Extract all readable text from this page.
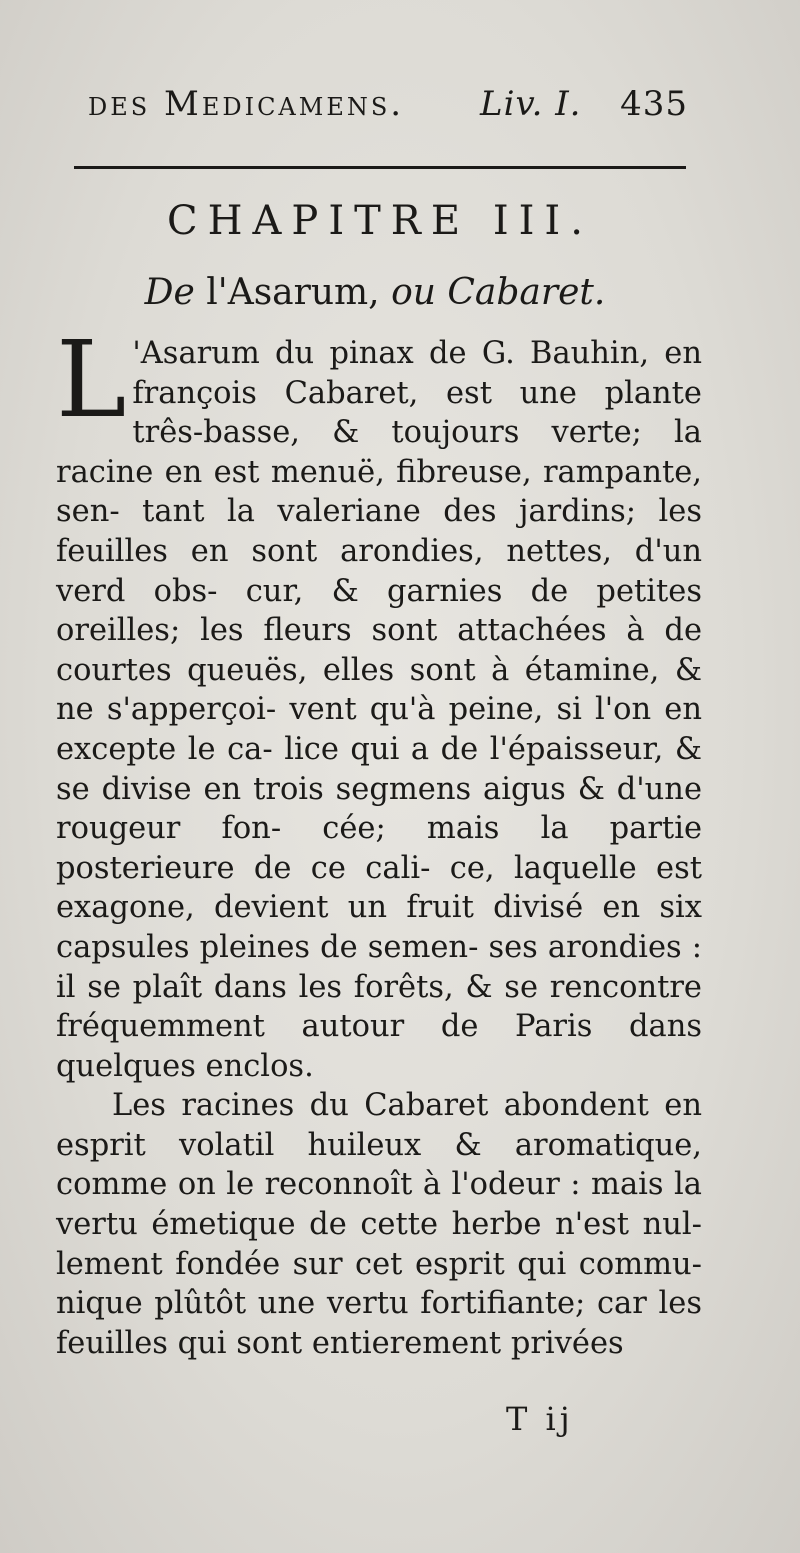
des Medicamens. Liv. I. 435
CHAPITRE III.
De l'Asarum, ou Cabaret.

L 'Asarum du pinax de G. Bauhin, en françois Cabaret, est une plante três-basse, & toujours verte; la racine en est menuë, fibreuse, rampante, sen- tant la valeriane des jardins; les feuilles en sont arondies, nettes, d'un verd obs- cur, & garnies de petites oreilles; les fleurs sont attachées à de courtes queuës, elles sont à étamine, & ne s'apperçoi- vent qu'à peine, si l'on en excepte le ca- lice qui a de l'épaisseur, & se divise en trois segmens aigus & d'une rougeur fon- cée; mais la partie posterieure de ce cali- ce, laquelle est exagone, devient un fruit divisé en six capsules pleines de semen- ses arondies : il se plaît dans les forêts, & se rencontre fréquemment autour de Paris dans quelques enclos.

Les racines du Cabaret abondent en esprit volatil huileux & aromatique, comme on le reconnoît à l'odeur : mais la vertu émetique de cette herbe n'est nul- lement fondée sur cet esprit qui commu- nique plûtôt une vertu fortifiante; car les feuilles qui sont entierement privées

T ij
